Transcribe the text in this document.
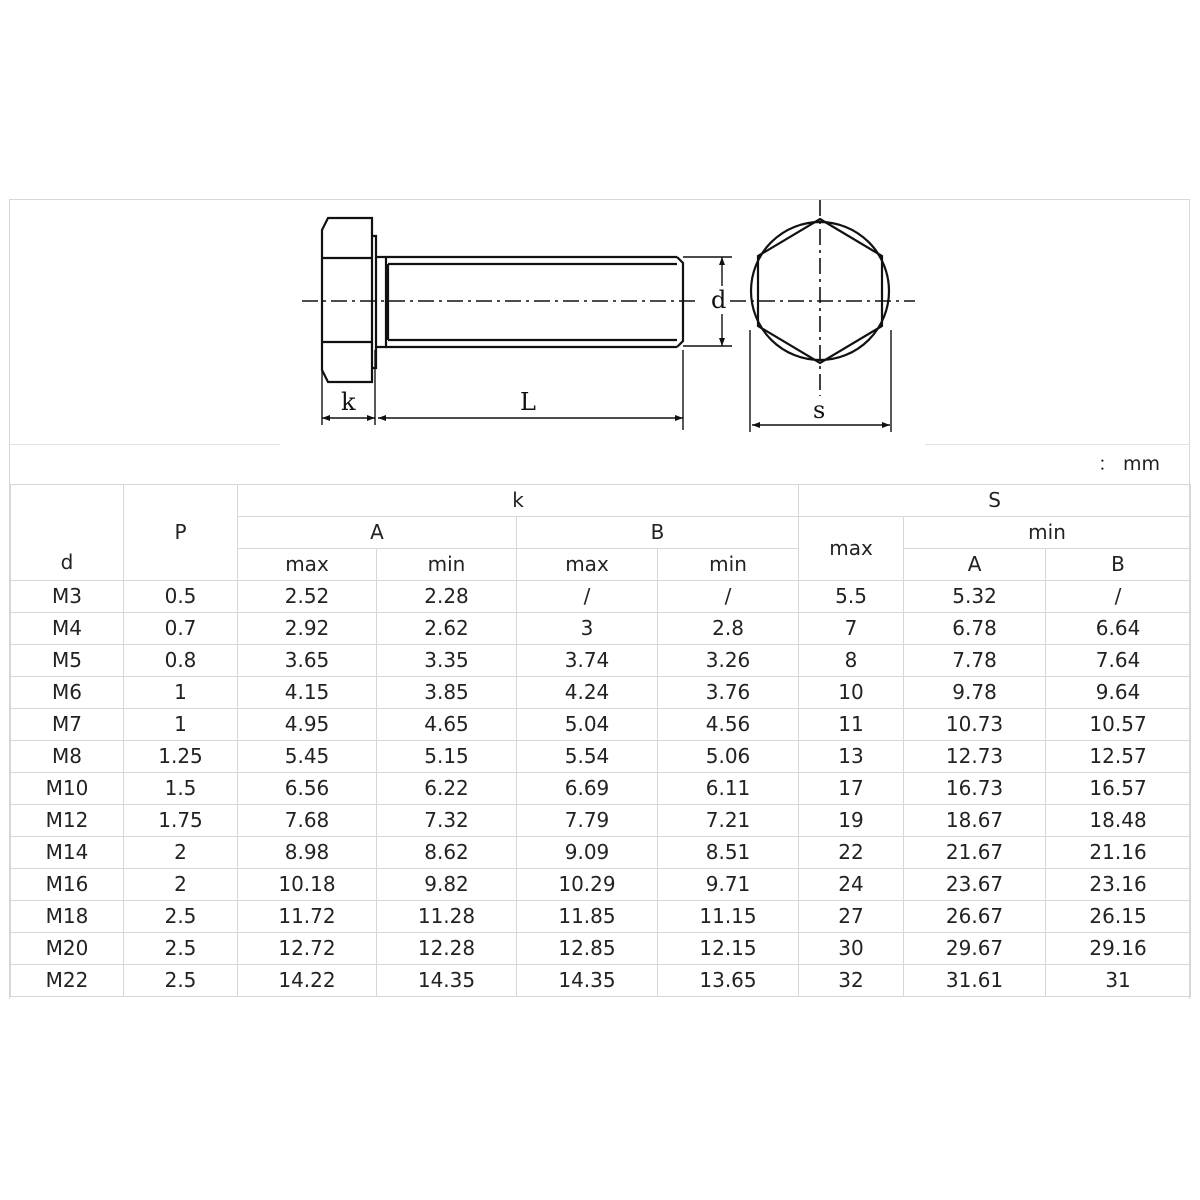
k	L
d
s
： mm
d	P	k				S		
		A		B		max	min	
		max	min	max	min		A	B
M3	0.5	2.52	2.28	/	/	5.5	5.32	/
M4	0.7	2.92	2.62	3	2.8	7	6.78	6.64
M5	0.8	3.65	3.35	3.74	3.26	8	7.78	7.64
M6	1	4.15	3.85	4.24	3.76	10	9.78	9.64
M7	1	4.95	4.65	5.04	4.56	11	10.73	10.57
M8	1.25	5.45	5.15	5.54	5.06	13	12.73	12.57
M10	1.5	6.56	6.22	6.69	6.11	17	16.73	16.57
M12	1.75	7.68	7.32	7.79	7.21	19	18.67	18.48
M14	2	8.98	8.62	9.09	8.51	22	21.67	21.16
M16	2	10.18	9.82	10.29	9.71	24	23.67	23.16
M18	2.5	11.72	11.28	11.85	11.15	27	26.67	26.15
M20	2.5	12.72	12.28	12.85	12.15	30	29.67	29.16
M22	2.5	14.22	14.35	14.35	13.65	32	31.61	31
